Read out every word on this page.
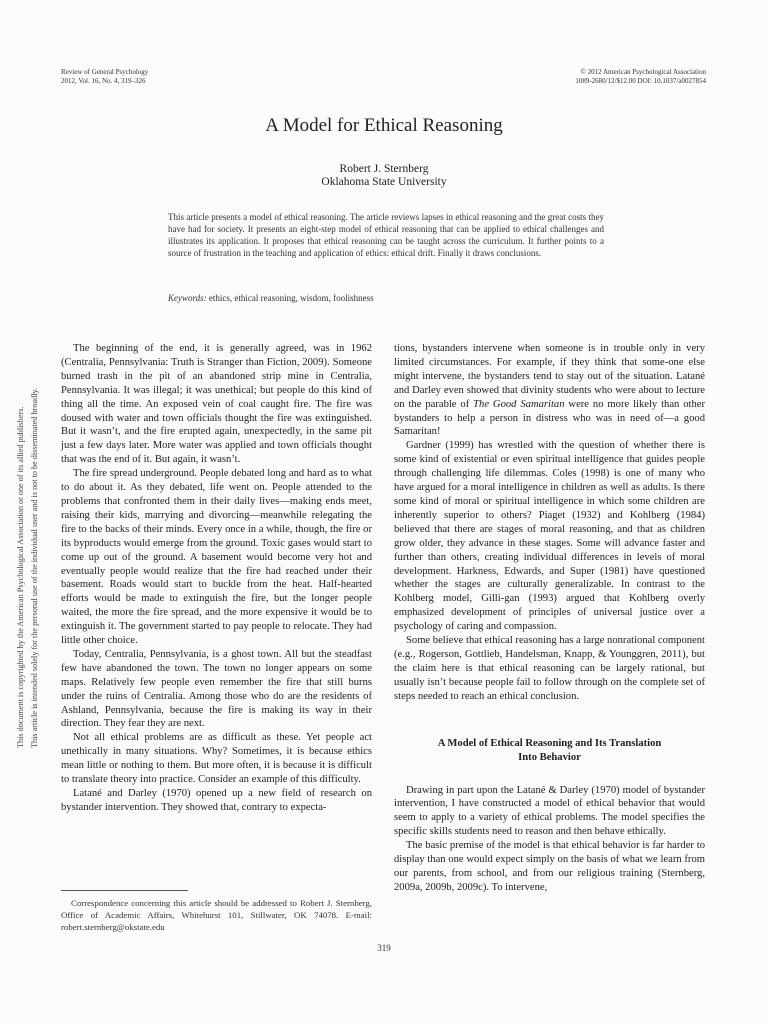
Review of General Psychology
2012, Vol. 16, No. 4, 319–326
© 2012 American Psychological Association
1089-2680/12/$12.00 DOI: 10.1037/a0027854
A Model for Ethical Reasoning
Robert J. Sternberg
Oklahoma State University
This article presents a model of ethical reasoning. The article reviews lapses in ethical reasoning and the great costs they have had for society. It presents an eight-step model of ethical reasoning that can be applied to ethical challenges and illustrates its application. It proposes that ethical reasoning can be taught across the curriculum. It further points to a source of frustration in the teaching and application of ethics: ethical drift. Finally it draws conclusions.
Keywords: ethics, ethical reasoning, wisdom, foolishness
This document is copyrighted by the American Psychological Association or one of its allied publishers. This article is intended solely for the personal use of the individual user and is not to be disseminated broadly.

The beginning of the end, it is generally agreed, was in 1962 (Centralia, Pennsylvania: Truth is Stranger than Fiction, 2009). Someone burned trash in the pit of an abandoned strip mine in Centralia, Pennsylvania. It was illegal; it was unethical; but people do this kind of thing all the time. An exposed vein of coal caught fire. The fire was doused with water and town officials thought the fire was extinguished. But it wasn’t, and the fire erupted again, unexpectedly, in the same pit just a few days later. More water was applied and town officials thought that was the end of it. But again, it wasn’t.

The fire spread underground. People debated long and hard as to what to do about it. As they debated, life went on. People attended to the problems that confronted them in their daily lives—making ends meet, raising their kids, marrying and divorcing—meanwhile relegating the fire to the backs of their minds. Every once in a while, though, the fire or its byproducts would emerge from the ground. Toxic gases would start to come up out of the ground. A basement would become very hot and eventually people would realize that the fire had reached under their basement. Roads would start to buckle from the heat. Half-hearted efforts would be made to extinguish the fire, but the longer people waited, the more the fire spread, and the more expensive it would be to extinguish it. The government started to pay people to relocate. They had little other choice.

Today, Centralia, Pennsylvania, is a ghost town. All but the steadfast few have abandoned the town. The town no longer appears on some maps. Relatively few people even remember the fire that still burns under the ruins of Centralia. Among those who do are the residents of Ashland, Pennsylvania, because the fire is making its way in their direction. They fear they are next.

Not all ethical problems are as difficult as these. Yet people act unethically in many situations. Why? Sometimes, it is because ethics mean little or nothing to them. But more often, it is because it is difficult to translate theory into practice. Consider an example of this difficulty.

Latané and Darley (1970) opened up a new field of research on bystander intervention. They showed that, contrary to expecta-

tions, bystanders intervene when someone is in trouble only in very limited circumstances. For example, if they think that some-one else might intervene, the bystanders tend to stay out of the situation. Latané and Darley even showed that divinity students who were about to lecture on the parable of The Good Samaritan were no more likely than other bystanders to help a person in distress who was in need of—a good Samaritan!

Gardner (1999) has wrestled with the question of whether there is some kind of existential or even spiritual intelligence that guides people through challenging life dilemmas. Coles (1998) is one of many who have argued for a moral intelligence in children as well as adults. Is there some kind of moral or spiritual intelligence in which some children are inherently superior to others? Piaget (1932) and Kohlberg (1984) believed that there are stages of moral reasoning, and that as children grow older, they advance in these stages. Some will advance faster and further than others, creating individual differences in levels of moral development. Harkness, Edwards, and Super (1981) have questioned whether the stages are culturally generalizable. In contrast to the Kohlberg model, Gilli-gan (1993) argued that Kohlberg overly emphasized development of principles of universal justice over a psychology of caring and compassion.

Some believe that ethical reasoning has a large nonrational component (e.g., Rogerson, Gottlieb, Handelsman, Knapp, & Younggren, 2011), but the claim here is that ethical reasoning can be largely rational, but usually isn’t because people fail to follow through on the complete set of steps needed to reach an ethical conclusion.

A Model of Ethical Reasoning and Its Translation
Into Behavior

Drawing in part upon the Latané & Darley (1970) model of bystander intervention, I have constructed a model of ethical behavior that would seem to apply to a variety of ethical problems. The model specifies the specific skills students need to reason and then behave ethically.

The basic premise of the model is that ethical behavior is far harder to display than one would expect simply on the basis of what we learn from our parents, from school, and from our religious training (Sternberg, 2009a, 2009b, 2009c). To intervene,

Correspondence concerning this article should be addressed to Robert J. Sternberg, Office of Academic Affairs, Whitehurst 101, Stillwater, OK 74078. E-mail: robert.sternberg@okstate.edu
319
